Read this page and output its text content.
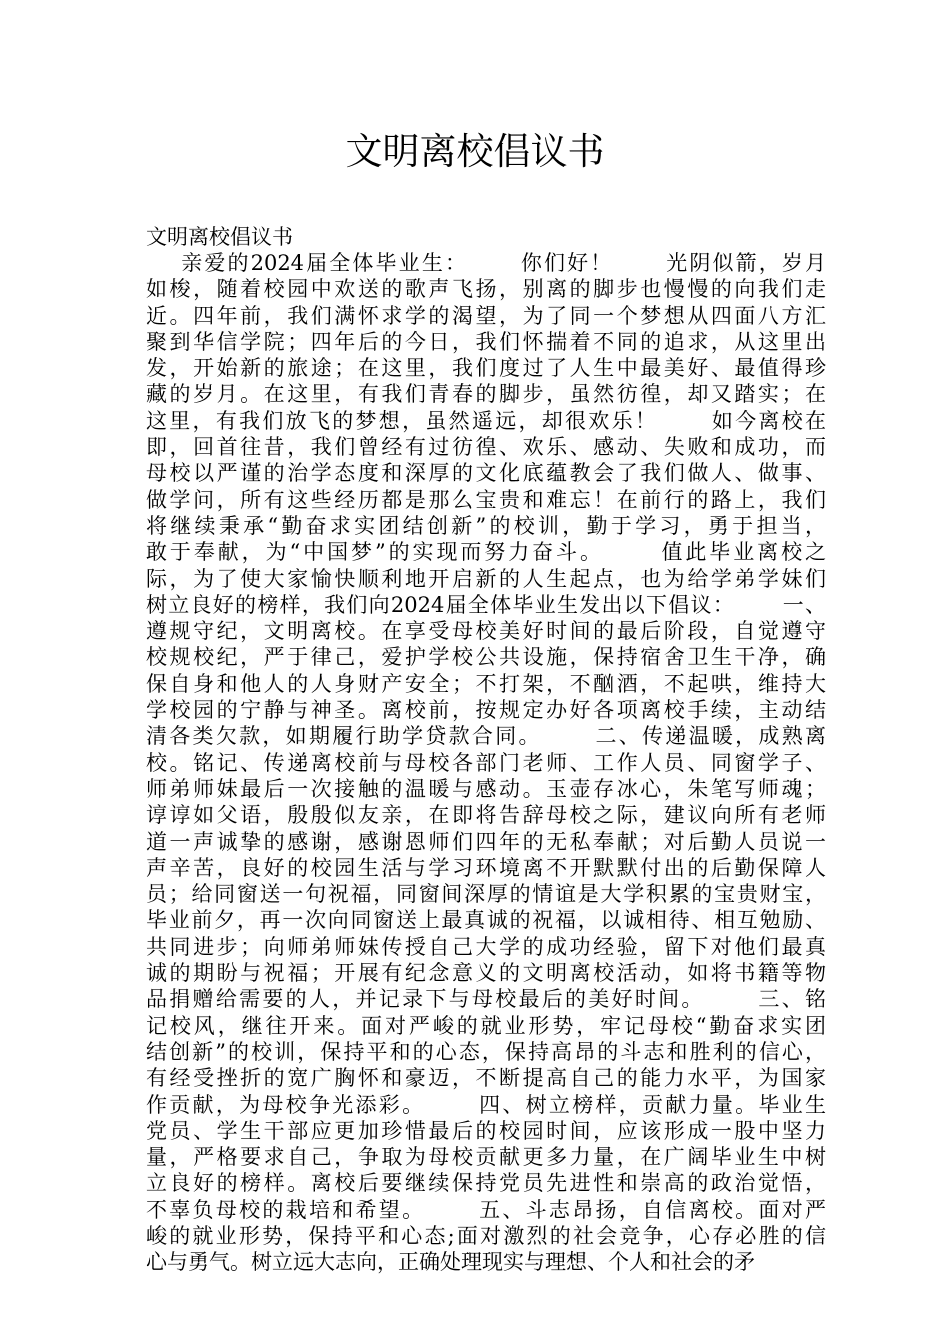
文明离校倡议书
文明离校倡议书
亲爱的2024届全体毕业生：      你们好！      光阴似箭，岁月
如梭，随着校园中欢送的歌声飞扬，别离的脚步也慢慢的向我们走
近。四年前，我们满怀求学的渴望，为了同一个梦想从四面八方汇
聚到华信学院；四年后的今日，我们怀揣着不同的追求，从这里出
发，开始新的旅途；在这里，我们度过了人生中最美好、最值得珍
藏的岁月。在这里，有我们青春的脚步，虽然彷徨，却又踏实；在
这里，有我们放飞的梦想，虽然遥远，却很欢乐！      如今离校在
即，回首往昔，我们曾经有过彷徨、欢乐、感动、失败和成功，而
母校以严谨的治学态度和深厚的文化底蕴教会了我们做人、做事、
做学问，所有这些经历都是那么宝贵和难忘！在前行的路上，我们
将继续秉承“勤奋求实团结创新”的校训，勤于学习，勇于担当，
敢于奉献，为“中国梦”的实现而努力奋斗。      值此毕业离校之
际，为了使大家愉快顺利地开启新的人生起点，也为给学弟学妹们
树立良好的榜样，我们向2024届全体毕业生发出以下倡议：      一、
遵规守纪，文明离校。在享受母校美好时间的最后阶段，自觉遵守
校规校纪，严于律己，爱护学校公共设施，保持宿舍卫生干净，确
保自身和他人的人身财产安全；不打架，不酗酒，不起哄，维持大
学校园的宁静与神圣。离校前，按规定办好各项离校手续，主动结
清各类欠款，如期履行助学贷款合同。      二、传递温暖，成熟离
校。铭记、传递离校前与母校各部门老师、工作人员、同窗学子、
师弟师妹最后一次接触的温暖与感动。玉壶存冰心，朱笔写师魂；
谆谆如父语，殷殷似友亲，在即将告辞母校之际，建议向所有老师
道一声诚挚的感谢，感谢恩师们四年的无私奉献；对后勤人员说一
声辛苦，良好的校园生活与学习环境离不开默默付出的后勤保障人
员；给同窗送一句祝福，同窗间深厚的情谊是大学积累的宝贵财宝，
毕业前夕，再一次向同窗送上最真诚的祝福，以诚相待、相互勉励、
共同进步；向师弟师妹传授自己大学的成功经验，留下对他们最真
诚的期盼与祝福；开展有纪念意义的文明离校活动，如将书籍等物
品捐赠给需要的人，并记录下与母校最后的美好时间。      三、铭
记校风，继往开来。面对严峻的就业形势，牢记母校“勤奋求实团
结创新”的校训，保持平和的心态，保持高昂的斗志和胜利的信心，
有经受挫折的宽广胸怀和豪迈，不断提高自己的能力水平，为国家
作贡献，为母校争光添彩。      四、树立榜样，贡献力量。毕业生
党员、学生干部应更加珍惜最后的校园时间，应该形成一股中坚力
量，严格要求自己，争取为母校贡献更多力量，在广阔毕业生中树
立良好的榜样。离校后要继续保持党员先进性和崇高的政治觉悟，
不辜负母校的栽培和希望。      五、斗志昂扬，自信离校。面对严
峻的就业形势，保持平和心态;面对激烈的社会竞争，心存必胜的信
心与勇气。树立远大志向，正确处理现实与理想、个人和社会的矛
